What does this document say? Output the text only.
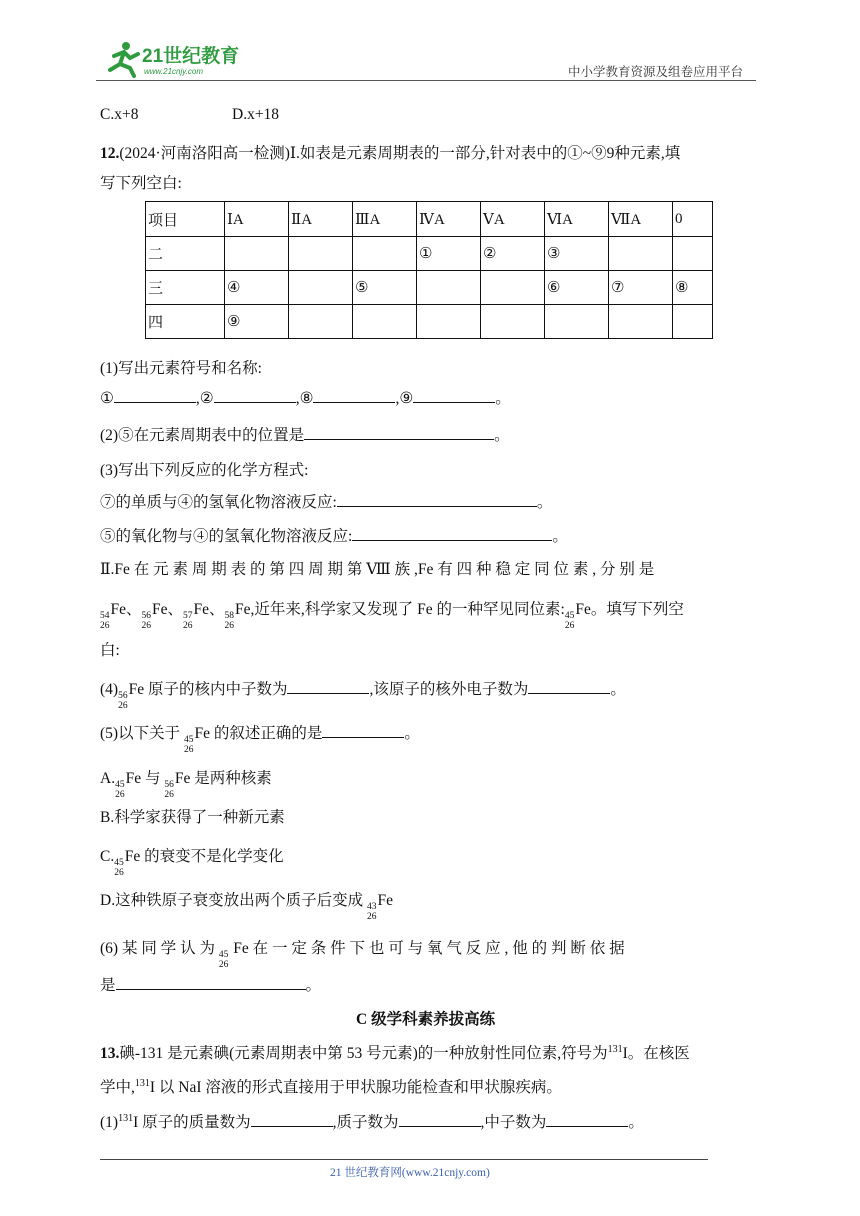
21世纪教育
www.21cnjy.com	中小学教育资源及组卷应用平台
C.x+8	D.x+18
12.(2024·河南洛阳高一检测)Ⅰ.如表是元素周期表的一部分,针对表中的①~⑨9种元素,填
写下列空白:
项目	ⅠA	ⅡA	ⅢA	ⅣA	ⅤA	ⅥA	ⅦA	0
二				①	②	③		
三	④		⑤			⑥	⑦	⑧
四	⑨							
(1)写出元素符号和名称:
①	,②	,⑧	,⑨	。
(2)⑤在元素周期表中的位置是	。
(3)写出下列反应的化学方程式:
⑦的单质与④的氢氧化物溶液反应:	。
⑤的氧化物与④的氢氧化物溶液反应:	。
Ⅱ.Fe 在 元 素 周 期 表 的 第 四 周 期 第 Ⅷ 族 ,Fe 有 四 种 稳 定 同 位 素 , 分 别 是
54
26
Fe、 56
26
Fe、 57
26
Fe、 58
26
Fe,近年来,科学家又发现了 Fe 的一种罕见同位素: 45
26
Fe。填写下列空
白:
(4) 56
26
Fe 原子的核内中子数为	,该原子的核外电子数为	。
(5)以下关于 45
26
Fe 的叙述正确的是	。
A. 45
26
Fe 与 56
26
Fe 是两种核素
B.科学家获得了一种新元素
C. 45
26
Fe 的衰变不是化学变化
D.这种铁原子衰变放出两个质子后变成 43
26
Fe
(6) 某 同 学 认 为 45
26
Fe 在 一 定 条 件 下 也 可 与 氧 气 反 应 , 他 的 判 断 依 据
是	。
C 级学科素养拔高练
13.碘-131 是元素碘(元素周期表中第 53 号元素)的一种放射性同位素,符号为$^{131}$I。在核医
学中,$^{131}$I 以 NaI 溶液的形式直接用于甲状腺功能检查和甲状腺疾病。
$(1)^{131}I$ 原子的质量数为	,质子数为	,中子数为	。
21 世纪教育网(www.21cnjy.com)
